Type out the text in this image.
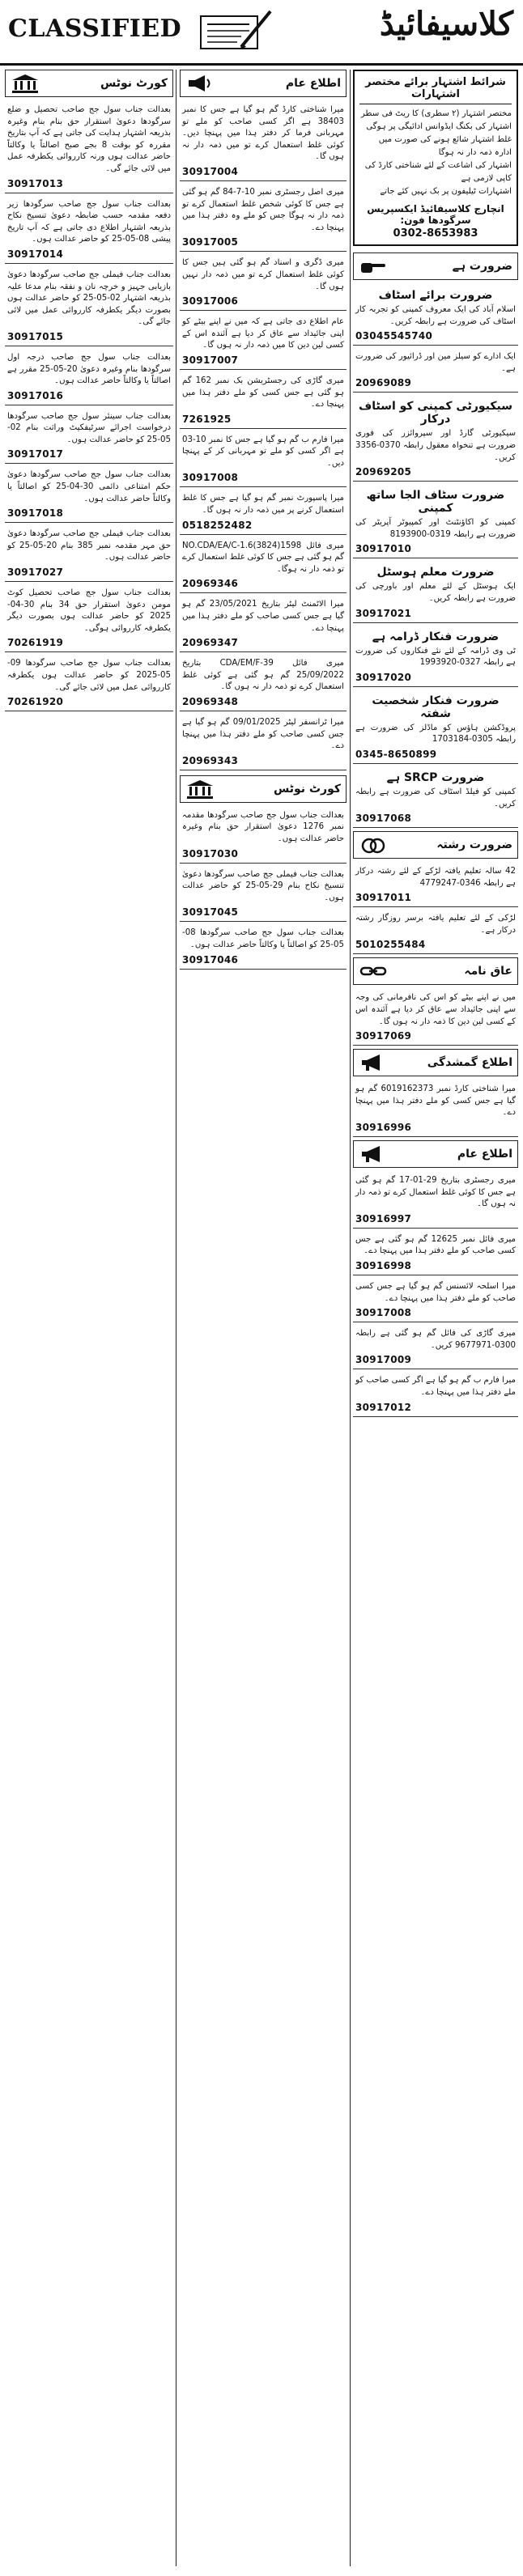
CLASSIFIED	کلاسیفائیڈ
کورٹ نوٹس
بعدالت جناب سول جج صاحب تحصیل و ضلع سرگودھا دعویٰ استقرار حق بنام بنام وغیرہ بذریعہ اشتہار ہدایت کی جاتی ہے کہ آپ بتاریخ مقررہ کو بوقت 8 بجے صبح اصالتاً یا وکالتاً حاضر عدالت ہوں ورنہ کارروائی یکطرفہ عمل میں لائی جائے گی۔
30917013
بعدالت جناب سول جج صاحب سرگودھا زیر دفعہ مقدمہ حسب ضابطہ دعویٰ تنسیخ نکاح بذریعہ اشتہار اطلاع دی جاتی ہے کہ آپ تاریخ پیشی 08-05-25 کو حاضر عدالت ہوں۔
30917014
بعدالت جناب فیملی جج صاحب سرگودھا دعویٰ بازیابی جہیز و خرچہ نان و نفقہ بنام مدعا علیہ بذریعہ اشتہار 02-05-25 کو حاضر عدالت ہوں بصورت دیگر یکطرفہ کارروائی عمل میں لائی جائے گی۔
30917015
بعدالت جناب سول جج صاحب درجہ اول سرگودھا بنام وغیرہ دعویٰ 20-05-25 مقرر ہے اصالتاً یا وکالتاً حاضر عدالت ہوں۔
30917016
بعدالت جناب سینئر سول جج صاحب سرگودھا درخواست اجرائے سرٹیفکیٹ وراثت بنام 02-05-25 کو حاضر عدالت ہوں۔
30917017
بعدالت جناب سول جج صاحب سرگودھا دعویٰ حکم امتناعی دائمی 30-04-25 کو اصالتاً یا وکالتاً حاضر عدالت ہوں۔
30917018
بعدالت جناب فیملی جج صاحب سرگودھا دعویٰ حق مہر مقدمہ نمبر 385 بنام 20-05-25 کو حاضر عدالت ہوں۔
30917027
بعدالت جناب سول جج صاحب تحصیل کوٹ مومن دعویٰ استقرار حق 34 بنام 30-04-2025 کو حاضر عدالت ہوں بصورت دیگر یکطرفہ کارروائی ہوگی۔
70261919
بعدالت جناب سول جج صاحب سرگودھا 09-05-2025 کو حاضر عدالت ہوں یکطرفہ کارروائی عمل میں لائی جائے گی۔
70261920
اطلاع عام
میرا شناختی کارڈ گم ہو گیا ہے جس کا نمبر 38403 ہے اگر کسی صاحب کو ملے تو مہربانی فرما کر دفتر ہذا میں پہنچا دیں۔ کوئی غلط استعمال کرے تو میں ذمہ دار نہ ہوں گا۔
30917004
میری اصل رجسٹری نمبر 10-7-84 گم ہو گئی ہے جس کا کوئی شخص غلط استعمال کرے تو ذمہ دار نہ ہوگا جس کو ملے وہ دفتر ہذا میں پہنچا دے۔
30917005
میری ڈگری و اسناد گم ہو گئی ہیں جس کا کوئی غلط استعمال کرے تو میں ذمہ دار نہیں ہوں گا۔
30917006
عام اطلاع دی جاتی ہے کہ میں نے اپنے بیٹے کو اپنی جائیداد سے عاق کر دیا ہے آئندہ اس کے کسی لین دین کا میں ذمہ دار نہ ہوں گا۔
30917007
میری گاڑی کی رجسٹریشن بک نمبر 162 گم ہو گئی ہے جس کسی کو ملے دفتر ہذا میں پہنچا دے۔
7261925
میرا فارم ب گم ہو گیا ہے جس کا نمبر 10-03 ہے اگر کسی کو ملے تو مہربانی کر کے پہنچا دیں۔
30917008
میرا پاسپورٹ نمبر گم ہو گیا ہے جس کا غلط استعمال کرنے پر میں ذمہ دار نہ ہوں گا۔
0518252482
میری فائل NO.CDA/EA/C-1.6(3824)1598 گم ہو گئی ہے جس کا کوئی غلط استعمال کرے تو ذمہ دار نہ ہوگا۔
20969346
میرا الاٹمنٹ لیٹر بتاریخ 23/05/2021 گم ہو گیا ہے جس کسی صاحب کو ملے دفتر ہذا میں پہنچا دے۔
20969347
میری فائل CDA/EM/F-39 بتاریخ 25/09/2022 گم ہو گئی ہے کوئی غلط استعمال کرے تو ذمہ دار نہ ہوں گا۔
20969348
میرا ٹرانسفر لیٹر 09/01/2025 گم ہو گیا ہے جس کسی صاحب کو ملے دفتر ہذا میں پہنچا دے۔
20969343
کورٹ نوٹس
بعدالت جناب سول جج صاحب سرگودھا مقدمہ نمبر 1276 دعویٰ استقرار حق بنام وغیرہ حاضر عدالت ہوں۔
30917030
بعدالت جناب فیملی جج صاحب سرگودھا دعویٰ تنسیخ نکاح بنام 29-05-25 کو حاضر عدالت ہوں۔
30917045
بعدالت جناب سول جج صاحب سرگودھا 08-05-25 کو اصالتاً یا وکالتاً حاضر عدالت ہوں۔
30917046
شرائط اشتہار برائے مختصر اشتہارات
مختصر اشتہار (۲ سطری) کا ریٹ فی سطر
اشتہار کی بکنگ ایڈوانس ادائیگی پر ہوگی
غلط اشتہار شائع ہونے کی صورت میں ادارہ ذمہ دار نہ ہوگا
اشتہار کی اشاعت کے لئے شناختی کارڈ کی کاپی لازمی ہے
اشتہارات ٹیلیفون پر بک نہیں کئے جاتے
انچارج کلاسیفائیڈ ایکسپریس سرگودھا فون:
0302-8653983
ضرورت ہے
ضرورت برائے اسٹاف
اسلام آباد کی ایک معروف کمپنی کو تجربہ کار اسٹاف کی ضرورت ہے رابطہ کریں۔
03045545740
ایک ادارے کو سیلز مین اور ڈرائیور کی ضرورت ہے۔
20969089
سیکیورٹی کمپنی کو اسٹاف درکار
سیکیورٹی گارڈ اور سپروائزر کی فوری ضرورت ہے تنخواہ معقول رابطہ 0370-3356 کریں۔
20969205
ضرورت سٹاف الجا ساتھ کمپنی
کمپنی کو اکاؤنٹنٹ اور کمپیوٹر آپریٹر کی ضرورت ہے رابطہ 0319-8193900
30917010
ضرورت معلم ہوسٹل
ایک ہوسٹل کے لئے معلم اور باورچی کی ضرورت ہے رابطہ کریں۔
30917021
ضرورت فنکار ڈرامہ ہے
ٹی وی ڈرامہ کے لئے نئے فنکاروں کی ضرورت ہے رابطہ 0327-1993920
30917020
ضرورت فنکار شخصیت شفتہ
پروڈکشن ہاؤس کو ماڈلز کی ضرورت ہے رابطہ 0305-1703184
0345-8650899
ضرورت SRCP ہے
کمپنی کو فیلڈ اسٹاف کی ضرورت ہے رابطہ کریں۔
30917068
ضرورت رشتہ
42 سالہ تعلیم یافتہ لڑکے کے لئے رشتہ درکار ہے رابطہ 0346-4779247
30917011
لڑکی کے لئے تعلیم یافتہ برسر روزگار رشتہ درکار ہے۔
5010255484
عاق نامہ
میں نے اپنے بیٹے کو اس کی نافرمانی کی وجہ سے اپنی جائیداد سے عاق کر دیا ہے آئندہ اس کے کسی لین دین کا ذمہ دار نہ ہوں گا۔
30917069
اطلاع گمشدگی
میرا شناختی کارڈ نمبر 6019162373 گم ہو گیا ہے جس کسی کو ملے دفتر ہذا میں پہنچا دے۔
30916996
اطلاع عام
میری رجسٹری بتاریخ 29-01-17 گم ہو گئی ہے جس کا کوئی غلط استعمال کرے تو ذمہ دار نہ ہوں گا۔
30916997
میری فائل نمبر 12625 گم ہو گئی ہے جس کسی صاحب کو ملے دفتر ہذا میں پہنچا دے۔
30916998
میرا اسلحہ لائسنس گم ہو گیا ہے جس کسی صاحب کو ملے دفتر ہذا میں پہنچا دے۔
30917008
میری گاڑی کی فائل گم ہو گئی ہے رابطہ 0300-9677971 کریں۔
30917009
میرا فارم ب گم ہو گیا ہے اگر کسی صاحب کو ملے دفتر ہذا میں پہنچا دے۔
30917012
